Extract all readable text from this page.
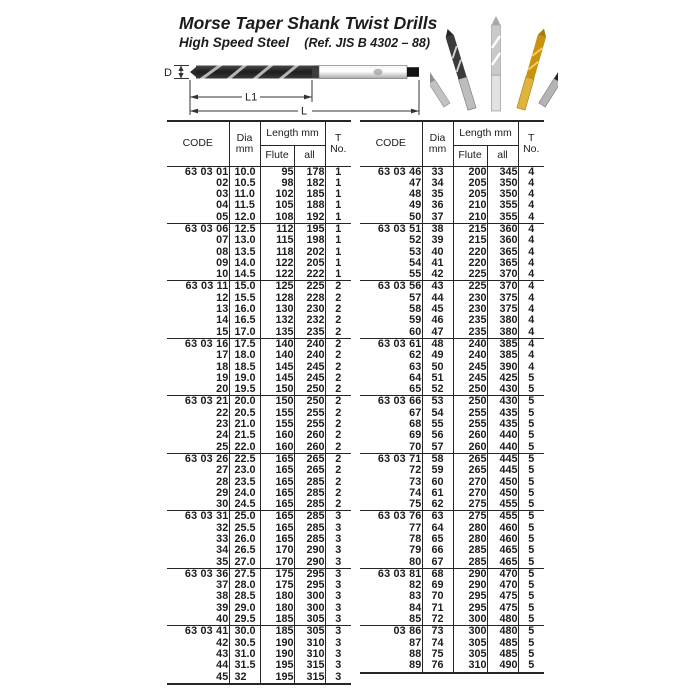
Morse Taper Shank Twist Drills
High Speed Steel (Ref. JIS B 4302 – 88)
D
L1
L
CODE	Dia
mm	Length mm		T
No.
		Flute	all	
63 03 01	10.0	95	178	1
02	10.5	98	182	1
03	11.0	102	185	1
04	11.5	105	188	1
05	12.0	108	192	1
63 03 06	12.5	112	195	1
07	13.0	115	198	1
08	13.5	118	202	1
09	14.0	122	205	1
10	14.5	122	222	1
63 03 11	15.0	125	225	2
12	15.5	128	228	2
13	16.0	130	230	2
14	16.5	132	232	2
15	17.0	135	235	2
63 03 16	17.5	140	240	2
17	18.0	140	240	2
18	18.5	145	245	2
19	19.0	145	245	2
20	19.5	150	250	2
63 03 21	20.0	150	250	2
22	20.5	155	255	2
23	21.0	155	255	2
24	21.5	160	260	2
25	22.0	160	260	2
63 03 26	22.5	165	265	2
27	23.0	165	265	2
28	23.5	165	285	2
29	24.0	165	285	2
30	24.5	165	285	2
63 03 31	25.0	165	285	3
32	25.5	165	285	3
33	26.0	165	285	3
34	26.5	170	290	3
35	27.0	170	290	3
63 03 36	27.5	175	295	3
37	28.0	175	295	3
38	28.5	180	300	3
39	29.0	180	300	3
40	29.5	185	305	3
63 03 41	30.0	185	305	3
42	30.5	190	310	3
43	31.0	190	310	3
44	31.5	195	315	3
45	32	195	315	3
CODE	Dia
mm	Length mm		T
No.
		Flute	all	
63 03 46	33	200	345	4
47	34	205	350	4
48	35	205	350	4
49	36	210	355	4
50	37	210	355	4
63 03 51	38	215	360	4
52	39	215	360	4
53	40	220	365	4
54	41	220	365	4
55	42	225	370	4
63 03 56	43	225	370	4
57	44	230	375	4
58	45	230	375	4
59	46	235	380	4
60	47	235	380	4
63 03 61	48	240	385	4
62	49	240	385	4
63	50	245	390	4
64	51	245	425	5
65	52	250	430	5
63 03 66	53	250	430	5
67	54	255	435	5
68	55	255	435	5
69	56	260	440	5
70	57	260	440	5
63 03 71	58	265	445	5
72	59	265	445	5
73	60	270	450	5
74	61	270	450	5
75	62	275	455	5
63 03 76	63	275	455	5
77	64	280	460	5
78	65	280	460	5
79	66	285	465	5
80	67	285	465	5
63 03 81	68	290	470	5
82	69	290	470	5
83	70	295	475	5
84	71	295	475	5
85	72	300	480	5
03 86	73	300	480	5
87	74	305	485	5
88	75	305	485	5
89	76	310	490	5
